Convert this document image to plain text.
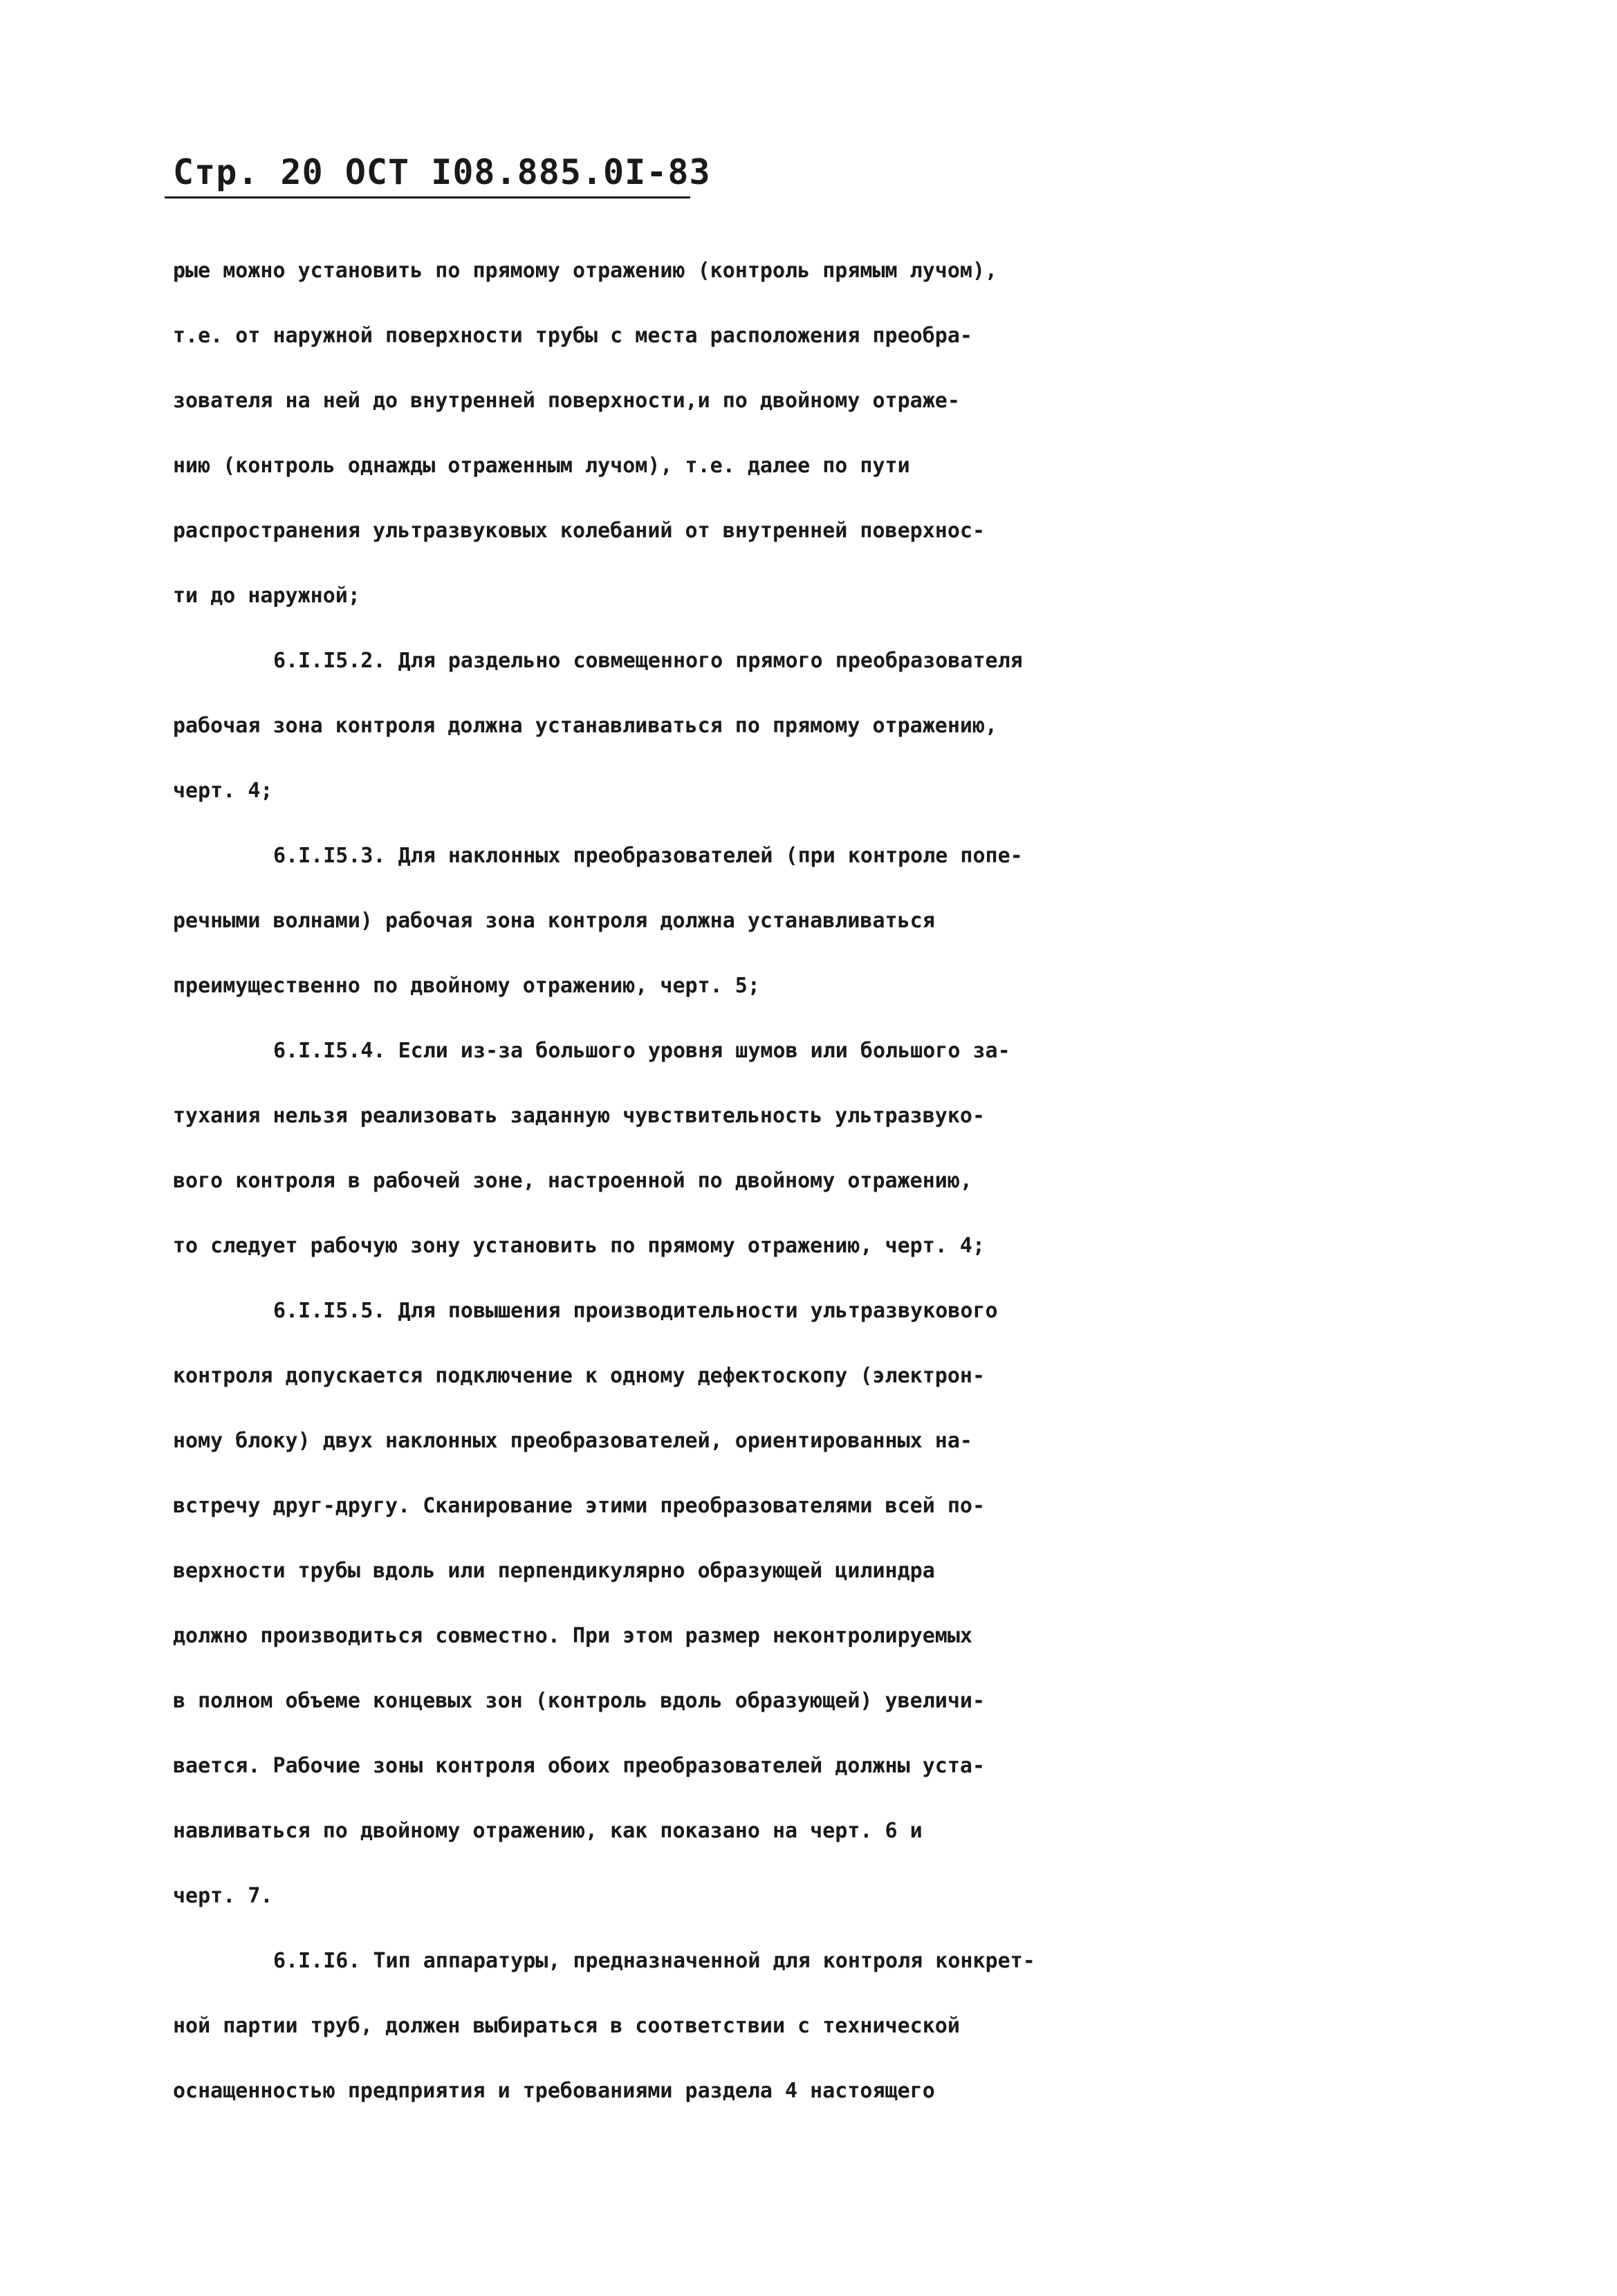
Стр. 20 ОСТ I08.885.0I-83
рые можно установить по прямому отражению (контроль прямым лучом),
т.е. от наружной поверхности трубы с места расположения преобра-
зователя на ней до внутренней поверхности,и по двойному отраже-
нию (контроль однажды отраженным лучом), т.е. далее по пути
распространения ультразвуковых колебаний от внутренней поверхнос-
ти до наружной;
6.I.I5.2. Для раздельно совмещенного прямого преобразователя
рабочая зона контроля должна устанавливаться по прямому отражению,
черт. 4;
6.I.I5.3. Для наклонных преобразователей (при контроле попе-
речными волнами) рабочая зона контроля должна устанавливаться
преимущественно по двойному отражению, черт. 5;
6.I.I5.4. Если из-за большого уровня шумов или большого за-
тухания нельзя реализовать заданную чувствительность ультразвуко-
вого контроля в рабочей зоне, настроенной по двойному отражению,
то следует рабочую зону установить по прямому отражению, черт. 4;
6.I.I5.5. Для повышения производительности ультразвукового
контроля допускается подключение к одному дефектоскопу (электрон-
ному блоку) двух наклонных преобразователей, ориентированных на-
встречу друг-другу. Сканирование этими преобразователями всей по-
верхности трубы вдоль или перпендикулярно образующей цилиндра
должно производиться совместно. При этом размер неконтролируемых
в полном объеме концевых зон (контроль вдоль образующей) увеличи-
вается. Рабочие зоны контроля обоих преобразователей должны уста-
навливаться по двойному отражению, как показано на черт. 6 и
черт. 7.
6.I.I6. Тип аппаратуры, предназначенной для контроля конкрет-
ной партии труб, должен выбираться в соответствии с технической
оснащенностью предприятия и требованиями раздела 4 настоящего
